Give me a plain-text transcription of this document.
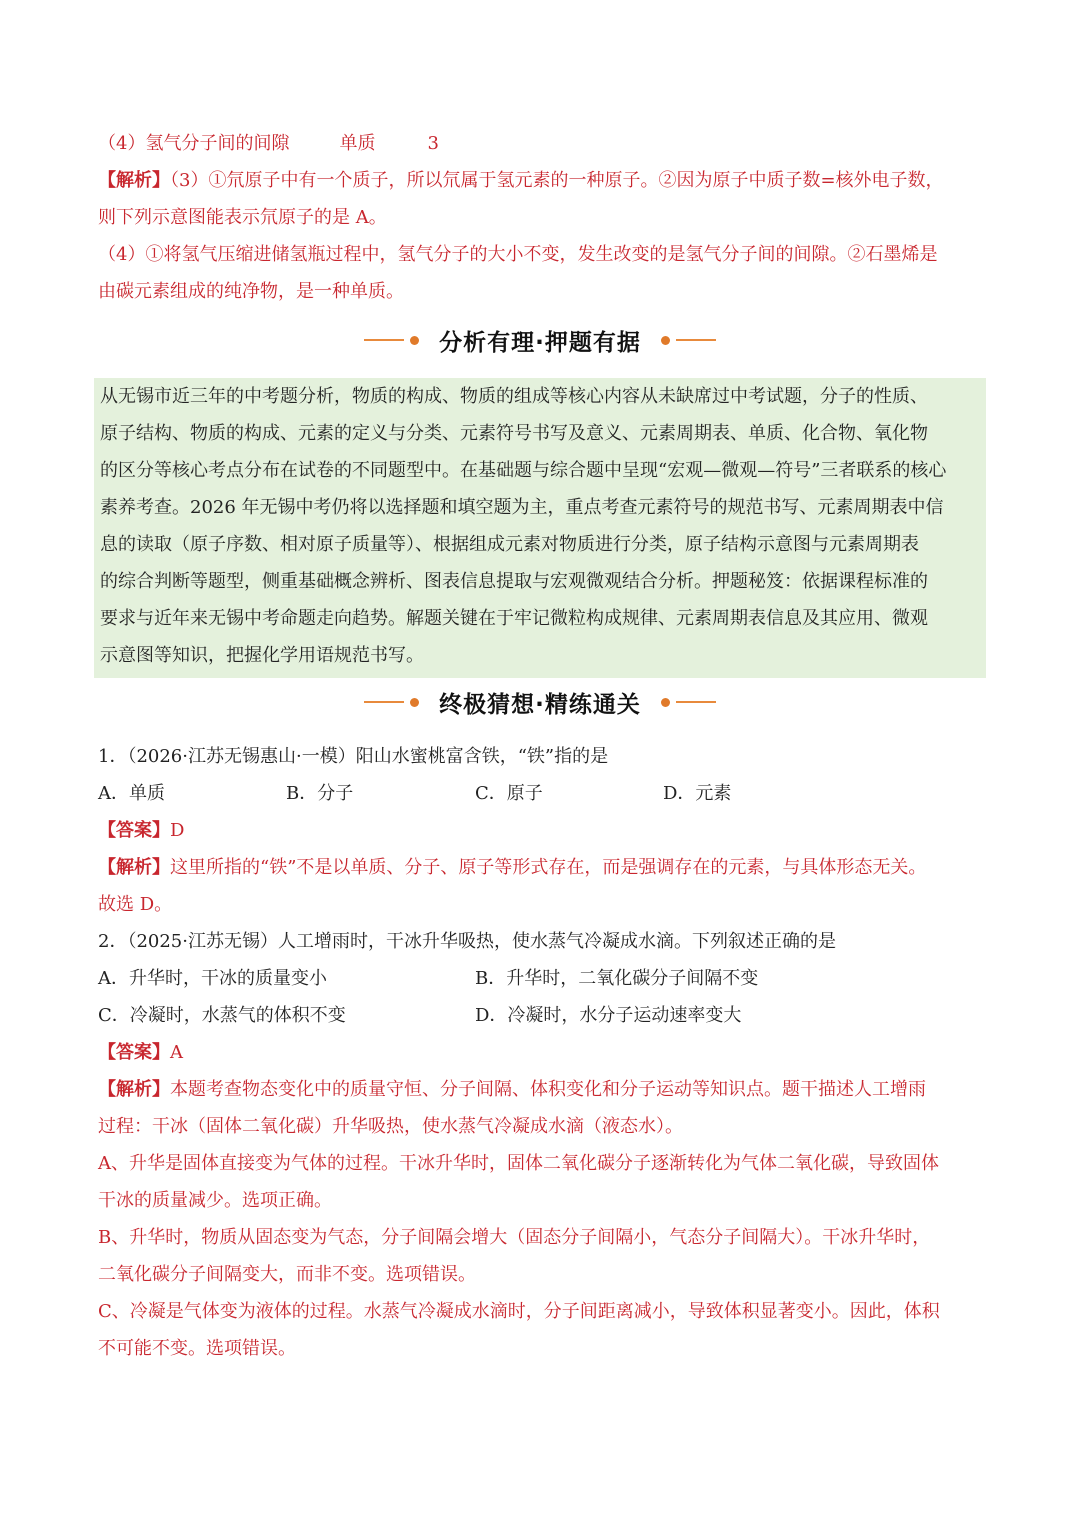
（4）氢气分子间的间隙	单质	3
【解析】（3）①氘原子中有一个质子，所以氘属于氢元素的一种原子。②因为原子中质子数=核外电子数，
则下列示意图能表示氘原子的是 A。
（4）①将氢气压缩进储氢瓶过程中，氢气分子的大小不变，发生改变的是氢气分子间的间隙。②石墨烯是
由碳元素组成的纯净物，是一种单质。
分析有理·押题有据
从无锡市近三年的中考题分析，物质的构成、物质的组成等核心内容从未缺席过中考试题，分子的性质、
原子结构、物质的构成、元素的定义与分类、元素符号书写及意义、元素周期表、单质、化合物、氧化物
的区分等核心考点分布在试卷的不同题型中。在基础题与综合题中呈现“宏观—微观—符号”三者联系的核心
素养考查。2026 年无锡中考仍将以选择题和填空题为主，重点考查元素符号的规范书写、元素周期表中信
息的读取（原子序数、相对原子质量等）、根据组成元素对物质进行分类，原子结构示意图与元素周期表
的综合判断等题型，侧重基础概念辨析、图表信息提取与宏观微观结合分析。押题秘笈：依据课程标准的
要求与近年来无锡中考命题走向趋势。解题关键在于牢记微粒构成规律、元素周期表信息及其应用、微观
示意图等知识，把握化学用语规范书写。
终极猜想·精练通关
1．（2026·江苏无锡惠山·一模）阳山水蜜桃富含铁，“铁”指的是
A．单质	B．分子	C．原子	D．元素
【答案】D
【解析】这里所指的“铁”不是以单质、分子、原子等形式存在，而是强调存在的元素，与具体形态无关。
故选 D。
2．（2025·江苏无锡）人工增雨时，干冰升华吸热，使水蒸气冷凝成水滴。下列叙述正确的是
A．升华时，干冰的质量变小	B．升华时，二氧化碳分子间隔不变
C．冷凝时，水蒸气的体积不变	D．冷凝时，水分子运动速率变大
【答案】A
【解析】本题考查物态变化中的质量守恒、分子间隔、体积变化和分子运动等知识点。题干描述人工增雨
过程：干冰（固体二氧化碳）升华吸热，使水蒸气冷凝成水滴（液态水）。
A、升华是固体直接变为气体的过程。干冰升华时，固体二氧化碳分子逐渐转化为气体二氧化碳，导致固体
干冰的质量减少。选项正确。
B、升华时，物质从固态变为气态，分子间隔会增大（固态分子间隔小，气态分子间隔大）。干冰升华时，
二氧化碳分子间隔变大，而非不变。选项错误。
C、冷凝是气体变为液体的过程。水蒸气冷凝成水滴时，分子间距离减小，导致体积显著变小。因此，体积
不可能不变。选项错误。
